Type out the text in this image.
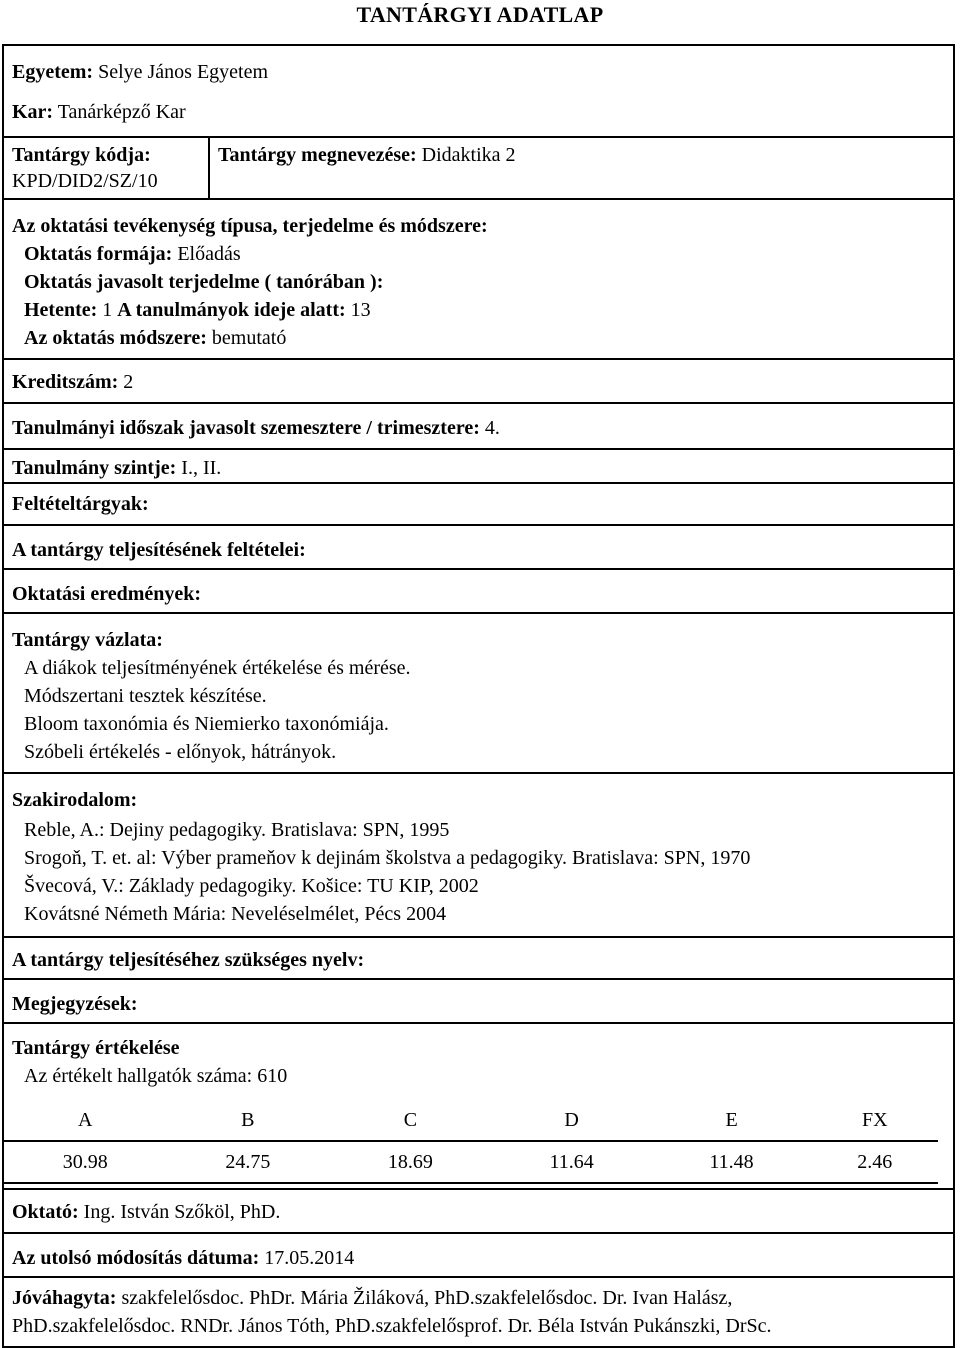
TANTÁRGYI ADATLAP
Egyetem: Selye János Egyetem
Kar: Tanárképző Kar
Tantárgy kódja:
KPD/DID2/SZ/10
Tantárgy megnevezése: Didaktika 2
Az oktatási tevékenység típusa, terjedelme és módszere:
Oktatás formája: Előadás
Oktatás javasolt terjedelme ( tanórában ):
Hetente: 1 A tanulmányok ideje alatt: 13
Az oktatás módszere: bemutató
Kreditszám: 2
Tanulmányi időszak javasolt szemesztere / trimesztere: 4.
Tanulmány szintje: I., II.
Feltételtárgyak:
A tantárgy teljesítésének feltételei:
Oktatási eredmények:
Tantárgy vázlata:
A diákok teljesítményének értékelése és mérése.
Módszertani tesztek készítése.
Bloom taxonómia és Niemierko taxonómiája.
Szóbeli értékelés - előnyok, hátrányok.
Szakirodalom:
Reble, A.: Dejiny pedagogiky. Bratislava: SPN, 1995
Srogoň, T. et. al: Výber prameňov k dejinám školstva a pedagogiky. Bratislava: SPN, 1970
Švecová, V.: Základy pedagogiky. Košice: TU KIP, 2002
Kovátsné Németh Mária: Neveléselmélet, Pécs 2004
A tantárgy teljesítéséhez szükséges nyelv:
Megjegyzések:
Tantárgy értékelése
Az értékelt hallgatók száma: 610
A	B	C	D	E	FX
30.98	24.75	18.69	11.64	11.48	2.46
Oktató: Ing. István Szőköl, PhD.
Az utolsó módosítás dátuma: 17.05.2014
Jóváhagyta: szakfelelősdoc. PhDr. Mária Žiláková, PhD.szakfelelősdoc. Dr. Ivan Halász,
PhD.szakfelelősdoc. RNDr. János Tóth, PhD.szakfelelősprof. Dr. Béla István Pukánszki, DrSc.
